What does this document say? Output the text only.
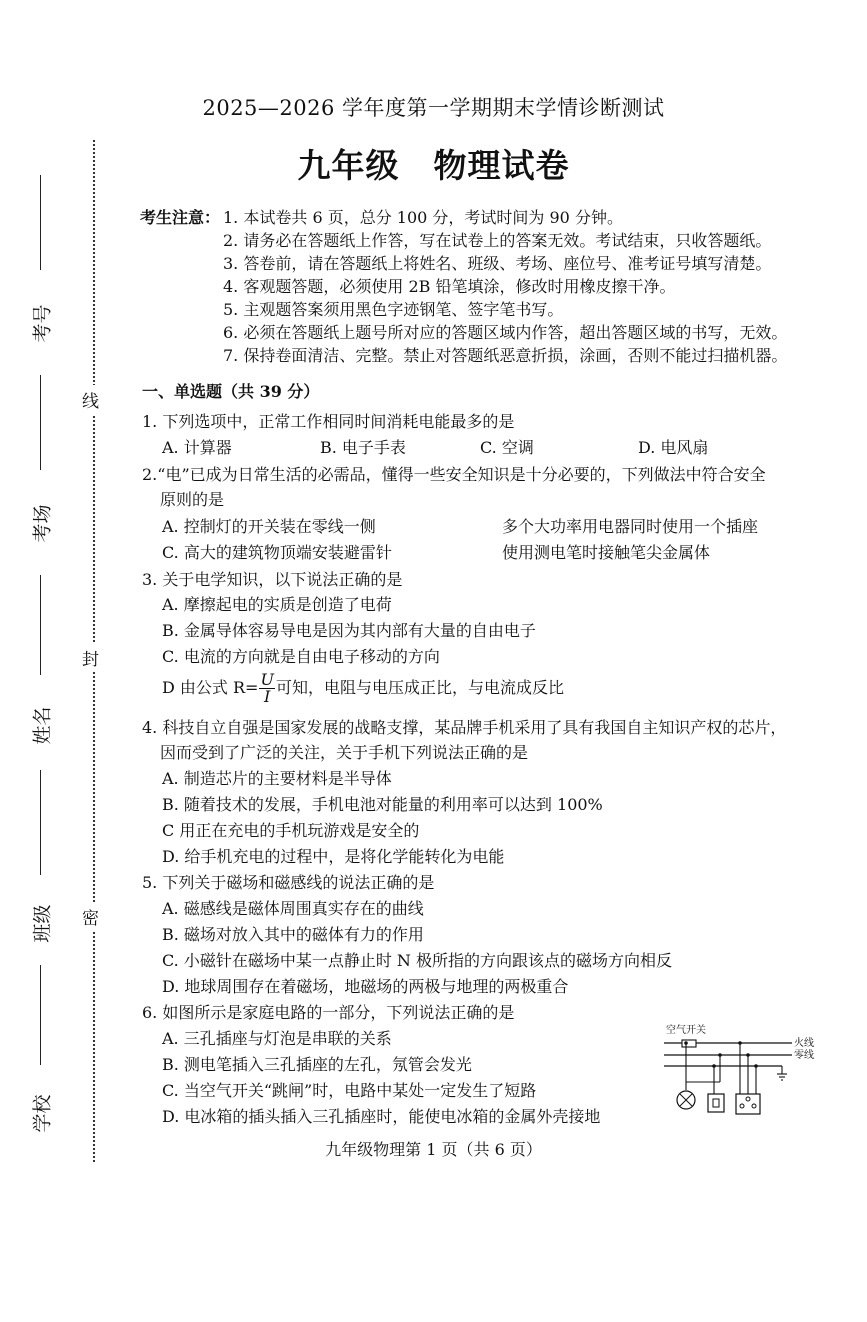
考号
考场
姓名
班级
学校
线
封
密
2025—2026 学年度第一学期期末学情诊断测试
九年级　物理试卷
考生注意： 1. 本试卷共 6 页，总分 100 分，考试时间为 90 分钟。
2. 请务必在答题纸上作答，写在试卷上的答案无效。考试结束，只收答题纸。
3. 答卷前，请在答题纸上将姓名、班级、考场、座位号、准考证号填写清楚。
4. 客观题答题，必须使用 2B 铅笔填涂，修改时用橡皮擦干净。
5. 主观题答案须用黑色字迹钢笔、签字笔书写。
6. 必须在答题纸上题号所对应的答题区域内作答，超出答题区域的书写，无效。
7. 保持卷面清洁、完整。禁止对答题纸恶意折损，涂画，否则不能过扫描机器。
一、单选题（共 39 分）
1. 下列选项中，正常工作相同时间消耗电能最多的是
A. 计算器	B. 电子手表	C. 空调	D. 电风扇
2.“电”已成为日常生活的必需品，懂得一些安全知识是十分必要的，下列做法中符合安全
原则的是
A. 控制灯的开关装在零线一侧	多个大功率用电器同时使用一个插座
C. 高大的建筑物顶端安装避雷针	使用测电笔时接触笔尖金属体
3. 关于电学知识，以下说法正确的是
A. 摩擦起电的实质是创造了电荷
B. 金属导体容易导电是因为其内部有大量的自由电子
C. 电流的方向就是自由电子移动的方向
D 由公式 $R= \frac{U}{I}$ 可知，电阻与电压成正比，与电流成反比
4. 科技自立自强是国家发展的战略支撑，某品牌手机采用了具有我国自主知识产权的芯片，
因而受到了广泛的关注，关于手机下列说法正确的是
A. 制造芯片的主要材料是半导体
B. 随着技术的发展，手机电池对能量的利用率可以达到 100%
C 用正在充电的手机玩游戏是安全的
D. 给手机充电的过程中，是将化学能转化为电能
5. 下列关于磁场和磁感线的说法正确的是
A. 磁感线是磁体周围真实存在的曲线
B. 磁场对放入其中的磁体有力的作用
C. 小磁针在磁场中某一点静止时 N 极所指的方向跟该点的磁场方向相反
D. 地球周围存在着磁场，地磁场的两极与地理的两极重合
6. 如图所示是家庭电路的一部分，下列说法正确的是
A. 三孔插座与灯泡是串联的关系
B. 测电笔插入三孔插座的左孔，氖管会发光
C. 当空气开关“跳闸”时，电路中某处一定发生了短路
D. 电冰箱的插头插入三孔插座时，能使电冰箱的金属外壳接地
空气开关
火线
零线
九年级物理第 1 页（共 6 页）
